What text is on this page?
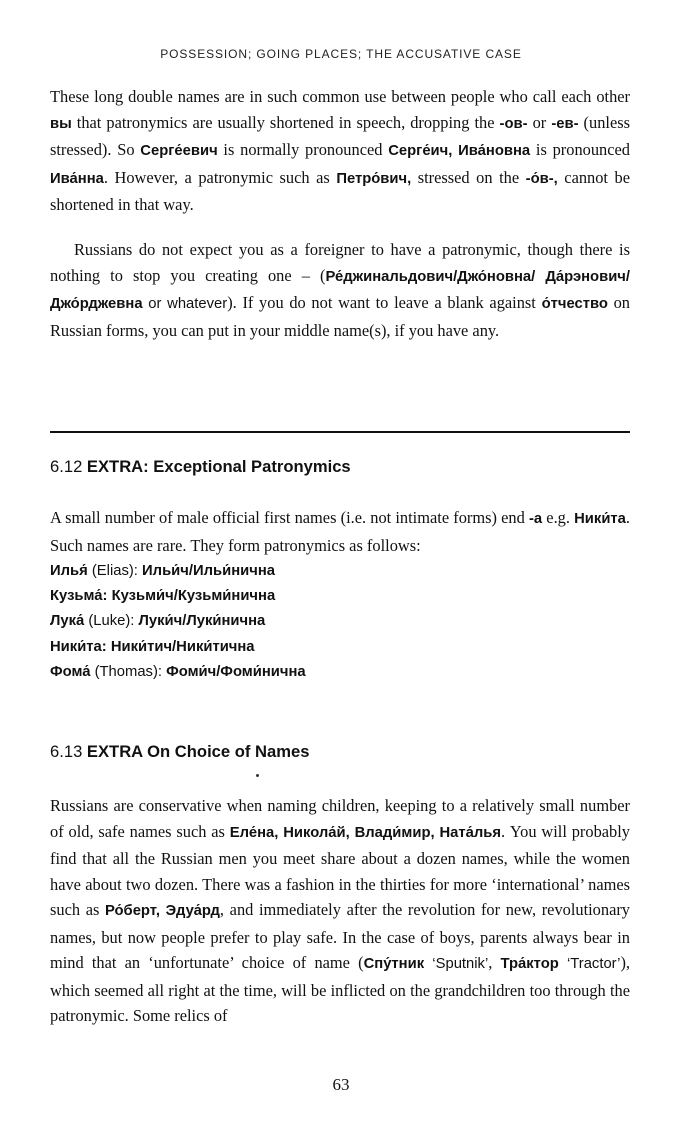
POSSESSION; GOING PLACES; THE ACCUSATIVE CASE

These long double names are in such common use between people who call each other вы that patronymics are usually shortened in speech, dropping the -ов- or -ев- (unless stressed). So Серге́евич is normally pronounced Серге́ич, Ива́новна is pronounced Ива́нна. However, a patronymic such as Петро́вич, stressed on the -о́в-, cannot be shortened in that way.

Russians do not expect you as a foreigner to have a patronymic, though there is nothing to stop you creating one – (Ре́джинальдович/Джо́новна/ Да́рэнович/Джо́рджевна or whatever). If you do not want to leave a blank against о́тчество on Russian forms, you can put in your middle name(s), if you have any.

6.12 EXTRA: Exceptional Patronymics

A small number of male official first names (i.e. not intimate forms) end -а e.g. Ники́та. Such names are rare. They form patronymics as follows:

Илья́ (Elias): Ильи́ч/Ильи́нична
Кузьма́: Кузьми́ч/Кузьми́нична
Лука́ (Luke): Луки́ч/Луки́нична
Ники́та: Ники́тич/Ники́тична
Фома́ (Thomas): Фоми́ч/Фоми́нична
6.13 EXTRA On Choice of Names

Russians are conservative when naming children, keeping to a relatively small number of old, safe names such as Еле́на, Никола́й, Влади́мир, Ната́лья. You will probably find that all the Russian men you meet share about a dozen names, while the women have about two dozen. There was a fashion in the thirties for more ‘international’ names such as Ро́берт, Эдуа́рд, and immediately after the revolution for new, revolutionary names, but now people prefer to play safe. In the case of boys, parents always bear in mind that an ‘unfortunate’ choice of name (Спу́тник ‘Sputnik’, Тра́ктор ‘Tractor’), which seemed all right at the time, will be inflicted on the grandchildren too through the patronymic. Some relics of

63
